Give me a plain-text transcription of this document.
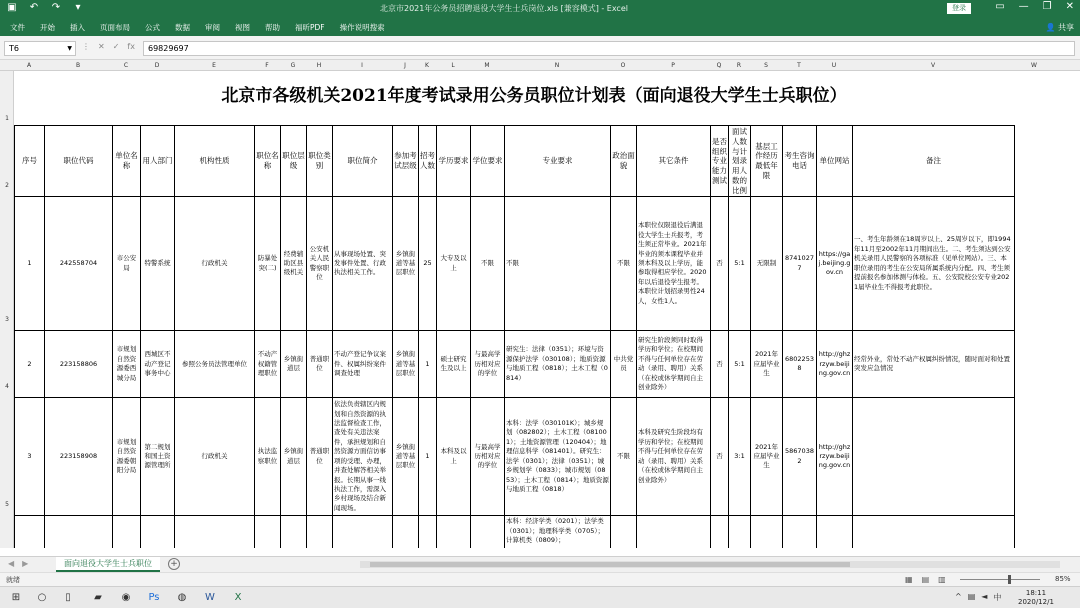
▣ ↶ ↷	▾	北京市2021年公务员招聘退役大学生士兵岗位.xls [兼容模式] - Excel	登录	▭ — ❐ ✕
文件 开始 插入 页面布局 公式 数据 审阅 视图 帮助 福昕PDF 操作说明搜索	👤 共享
T6	▼ ⋮ ✕ ✓ fx	69829697
A	B	C	D	E	F	G	H	I	J	K	L	M	N	O	P	Q	R	S	T	U	V	W
1
2
3
4
5
北京市各级机关2021年度考试录用公务员职位计划表（面向退役大学生士兵职位）
序号	职位代码	单位名称	用人部门	机构性质	职位名称	职位层级	职位类别	职位简介	参加考试层级	招考人数	学历要求	学位要求	专业要求	政治面貌	其它条件	是否组织专业能力测试	面试人数与计划录用人数的比例	基层工作经历最低年限	考生咨询电话	单位网站	备注
1	242558704	市公安局	特警系统	行政机关	防暴处突(二)	经费辅助区县级机关	公安机关人民警察职位	从事现场处置、突发事件处置、行政执法相关工作。	乡镇街道等基层职位	25	大专及以上	不限	不限	不限	本职位仅限退役后满退役大学生士兵报考，考生须正常毕业。2021年毕业的须本课程毕业并须本科及以上学历，能参取得相应学位。2020年以后退役学生报考。本职位计划招录男性24人，女性1人。	否	5:1	无限制	87410277	https://gaj.beijing.gov.cn	一、考生年龄须在18周岁以上、25周岁以下，即1994年11月至2002年11月期间出生。二、考生须达到公安机关录用人民警察的各项标准（见单位网站）。三、本职位录用的考生在公安局所属系统内分配。四、考生须提前报名参加体测与体检。五、公安院校公安专业2021届毕业生不得报考此职位。
2	223158806	市规划自然资源委西城分局	西城区不动产登记事务中心	参照公务员法管理单位	不动产权籍管理职位	乡镇街道层	普通职位	不动产登记争议案件、权属纠纷案件调查处理	乡镇街道等基层职位	1	硕士研究生及以上	与最高学历相对应的学位	研究生：法律（0351）；环境与资源保护法学（030108）；地质资源与地质工程（0818）；土木工程（0814）	中共党员	研究生阶段须同时取得学历和学位；在校期间不得与任何单位存在劳动（录用、聘用）关系（在校或休学期间自主创业除外）	否	5:1	2021年应届毕业生	68022538	http://ghzrzyw.beijing.gov.cn	经常外业，常处不动产权属纠纷情况，随时面对和处置突发应急情况
3	223158908	市规划自然资源委朝阳分局	第二规划和国土资源管理所	行政机关	执法监察职位	乡镇街道层	普通职位	依法负责辖区内规划和自然资源的执法监督检查工作，查处有关违法案件，承担规划和自然资源方面信访事项的受理、办理，并查处解答相关举报。长期从事一线执法工作，需深入乡村现场及结合新闻现场。	乡镇街道等基层职位	1	本科及以上	与最高学历相对应的学位	本科：法学（030101K）；城乡规划（082802）；土木工程（081001）；土地资源管理（120404）；地理信息科学（081401）。研究生：法学（0301）；法律（0351）；城乡规划学（0833）；城市规划（0853）；土木工程（0814）；地质资源与地质工程（0818）	不限	本科及研究生阶段均有学历和学位；在校期间不得与任何单位存在劳动（录用、聘用）关系（在校或休学期间自主创业除外）	否	3:1	2021年应届毕业生	58670382	http://ghzrzyw.beijing.gov.cn	
													本科：经济学类（0201）；法学类（0301）；地理科学类（0705）；计算机类（0809）；								
◀ ▶	面向退役大学生士兵职位	+
就绪	▦ ▤ ▥	85%
⊞	○	▯	▰	◉	Ps	◍	W	X	^ ▤ ◄ 中	18:11
2020/12/1
